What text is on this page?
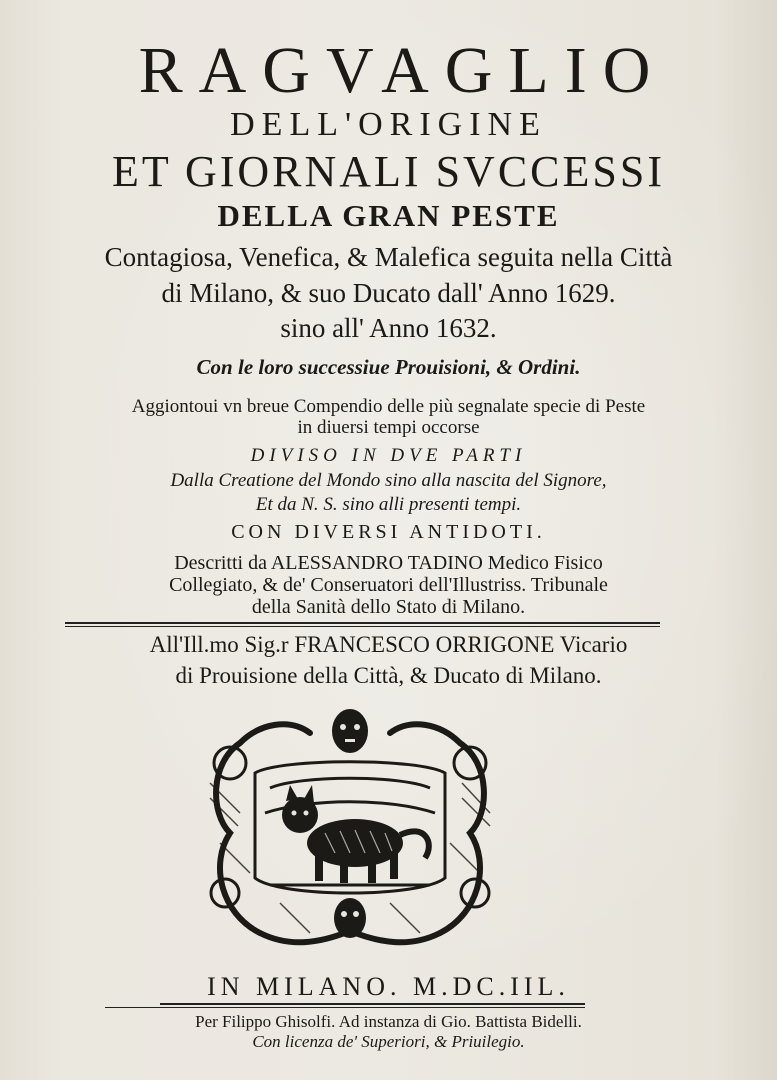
RAGVAGLIO
DELL'ORIGINE
ET GIORNALI SVCCESSI
DELLA GRAN PESTE
Contagiosa, Venefica, & Malefica seguita nella Città
di Milano, & suo Ducato dall' Anno 1629.
sino all' Anno 1632.
Con le loro successiue Prouisioni, & Ordini.
Aggiontoui vn breue Compendio delle più segnalate specie di Peste
in diuersi tempi occorse
DIVISO IN DVE PARTI
Dalla Creatione del Mondo sino alla nascita del Signore,
Et da N. S. sino alli presenti tempi.
CON DIVERSI ANTIDOTI.
Descritti da ALESSANDRO TADINO Medico Fisico
Collegiato, & de' Conseruatori dell'Illustriss. Tribunale
della Sanità dello Stato di Milano.
All'Ill.mo Sig.r FRANCESCO ORRIGONE Vicario
di Prouisione della Città, & Ducato di Milano.
IN MILANO. M.DC.IIL.
Per Filippo Ghisolfi. Ad instanza di Gio. Battista Bidelli.
Con licenza de' Superiori, & Priuilegio.
